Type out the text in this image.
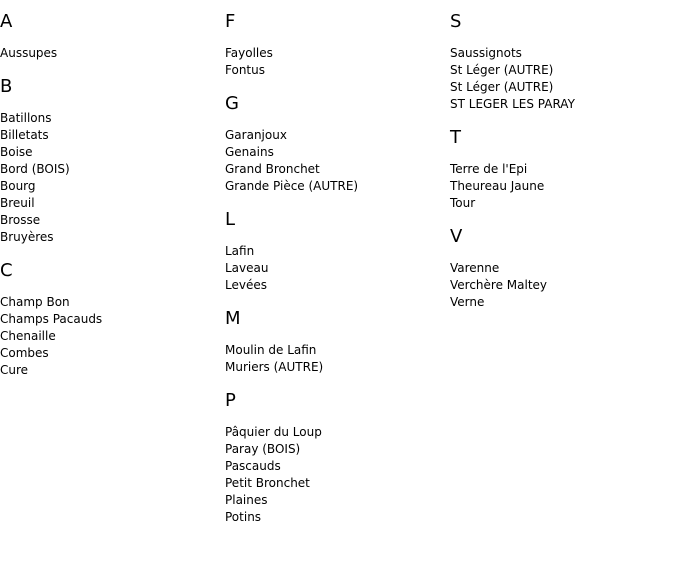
A
Aussupes
B
Batillons
Billetats
Boise
Bord (BOIS)
Bourg
Breuil
Brosse
Bruyères
C
Champ Bon
Champs Pacauds
Chenaille
Combes
Cure
F
Fayolles
Fontus
G
Garanjoux
Genains
Grand Bronchet
Grande Pièce (AUTRE)
L
Lafin
Laveau
Levées
M
Moulin de Lafin
Muriers (AUTRE)
P
Pâquier du Loup
Paray (BOIS)
Pascauds
Petit Bronchet
Plaines
Potins
S
Saussignots
St Léger (AUTRE)
St Léger (AUTRE)
ST LEGER LES PARAY
T
Terre de l'Epi
Theureau Jaune
Tour
V
Varenne
Verchère Maltey
Verne
